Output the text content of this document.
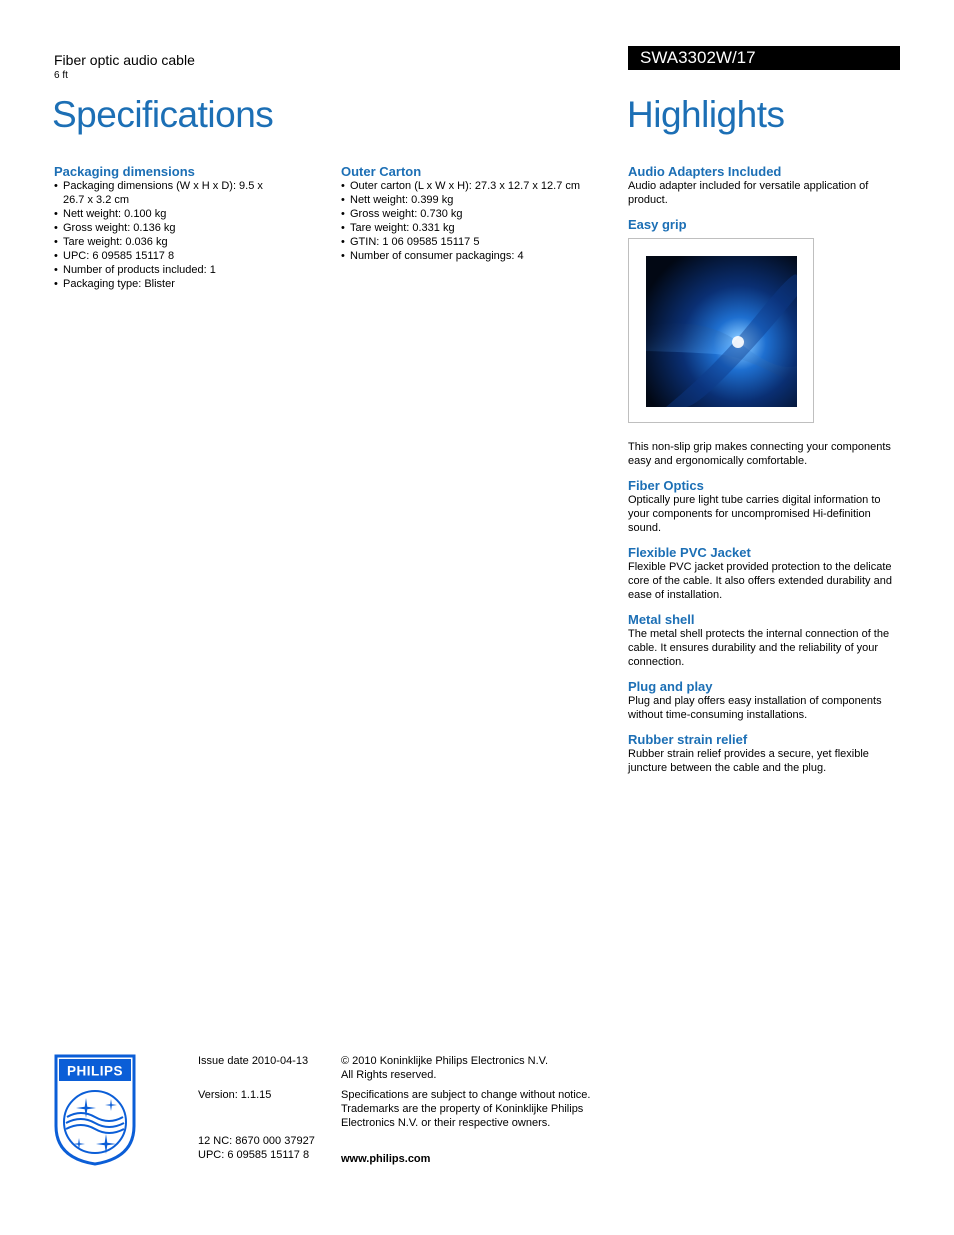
Fiber optic audio cable
6 ft
SWA3302W/17
Specifications	Highlights
Packaging dimensions
• Packaging dimensions (W x H x D): 9.5 x 26.7 x 3.2 cm
• Nett weight: 0.100 kg
• Gross weight: 0.136 kg
• Tare weight: 0.036 kg
• UPC: 6 09585 15117 8
• Number of products included: 1
• Packaging type: Blister
Outer Carton
• Outer carton (L x W x H): 27.3 x 12.7 x 12.7 cm
• Nett weight: 0.399 kg
• Gross weight: 0.730 kg
• Tare weight: 0.331 kg
• GTIN: 1 06 09585 15117 5
• Number of consumer packagings: 4
Audio Adapters Included

Audio adapter included for versatile application of product.

Easy grip

This non-slip grip makes connecting your components easy and ergonomically comfortable.

Fiber Optics

Optically pure light tube carries digital information to your components for uncompromised Hi-definition sound.

Flexible PVC Jacket

Flexible PVC jacket provided protection to the delicate core of the cable. It also offers extended durability and ease of installation.

Metal shell

The metal shell protects the internal connection of the cable. It ensures durability and the reliability of your connection.

Plug and play

Plug and play offers easy installation of components without time-consuming installations.

Rubber strain relief

Rubber strain relief provides a secure, yet flexible juncture between the cable and the plug.

PHILIPS
Issue date 2010-04-13
Version: 1.1.15
12 NC: 8670 000 37927
UPC: 6 09585 15117 8
© 2010 Koninklijke Philips Electronics N.V.
All Rights reserved.
Specifications are subject to change without notice.
Trademarks are the property of Koninklijke Philips
Electronics N.V. or their respective owners.
www.philips.com
